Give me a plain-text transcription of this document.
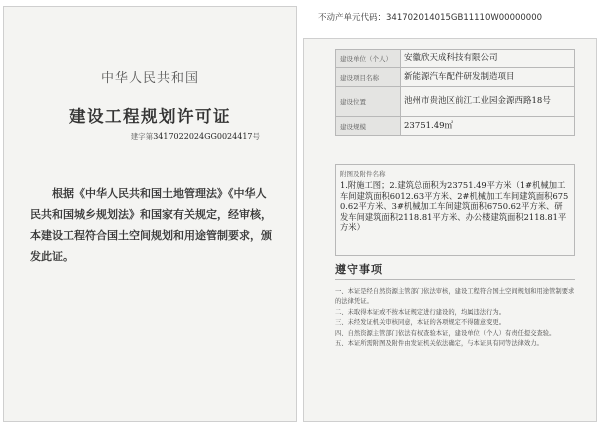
不动产单元代码：341702014015GB11110W00000000
中华人民共和国
建设工程规划许可证
建字第3417022024GG0024417号
根据《中华人民共和国土地管理法》《中华人民共和国城乡规划法》和国家有关规定，经审核，本建设工程符合国土空间规划和用途管制要求，颁发此证。
建设单位（个人）	安徽欣天成科技有限公司
建设项目名称	新能源汽车配件研发制造项目
建设位置	池州市贵池区前江工业园金源西路18号
建设规模	23751.49㎡
附图及附件名称
1.附施工图；2.建筑总面积为23751.49平方米（1#机械加工车间建筑面积6012.63平方米、2#机械加工车间建筑面积6750.62平方米、3#机械加工车间建筑面积6750.62平方米、研发车间建筑面积2118.81平方米、办公楼建筑面积2118.81平方米）
遵守事项
一、本证是经自然资源主管部门依法审核，建设工程符合国土空间规划和用途管制要求的法律凭证。
二、未取得本证或不按本证规定进行建设的，均属违法行为。
三、未经发证机关审核同意，本证的各项规定不得随意变更。
四、自然资源主管部门依法有权查验本证，建设单位（个人）有责任提交查验。
五、本证所需附图及附件由发证机关依法确定，与本证具有同等法律效力。
